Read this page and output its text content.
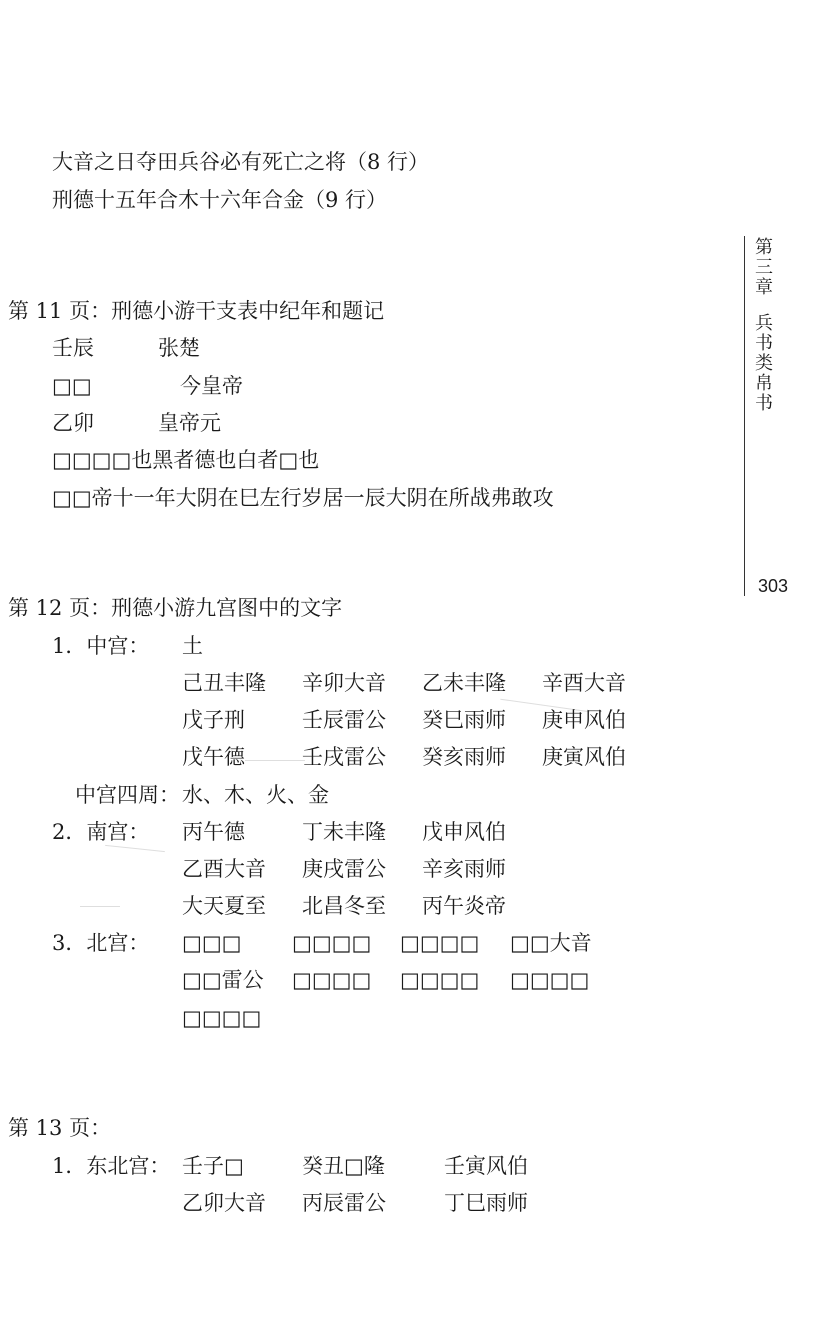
大音之日夺田兵谷必有死亡之将（8 行）
刑德十五年合木十六年合金（9 行）
第 11 页：刑德小游干支表中纪年和题记
壬辰	张楚
□□	今皇帝
乙卯	皇帝元
□□□□也黑者德也白者□也
□□帝十一年大阴在巳左行岁居一辰大阴在所战弗敢攻
第 12 页：刑德小游九宫图中的文字
1．中宫： 土
己丑丰隆 辛卯大音 乙未丰隆 辛酉大音
戊子刑	壬辰雷公 癸巳雨师 庚申风伯
戊午德	壬戌雷公 癸亥雨师 庚寅风伯
中宫四周： 水、木、火、金
2．南宫： 丙午德	丁未丰隆 戊申风伯
乙酉大音 庚戌雷公 辛亥雨师
大天夏至 北昌冬至 丙午炎帝
3．北宫： □□□ □□□□ □□□□ □□大音
□□雷公 □□□□ □□□□ □□□□
□□□□
第 13 页：
1．东北宫： 壬子□	癸丑□隆	壬寅风伯
乙卯大音 丙辰雷公	丁巳雨师
第
三
章
兵
书
类
帛
书
303
